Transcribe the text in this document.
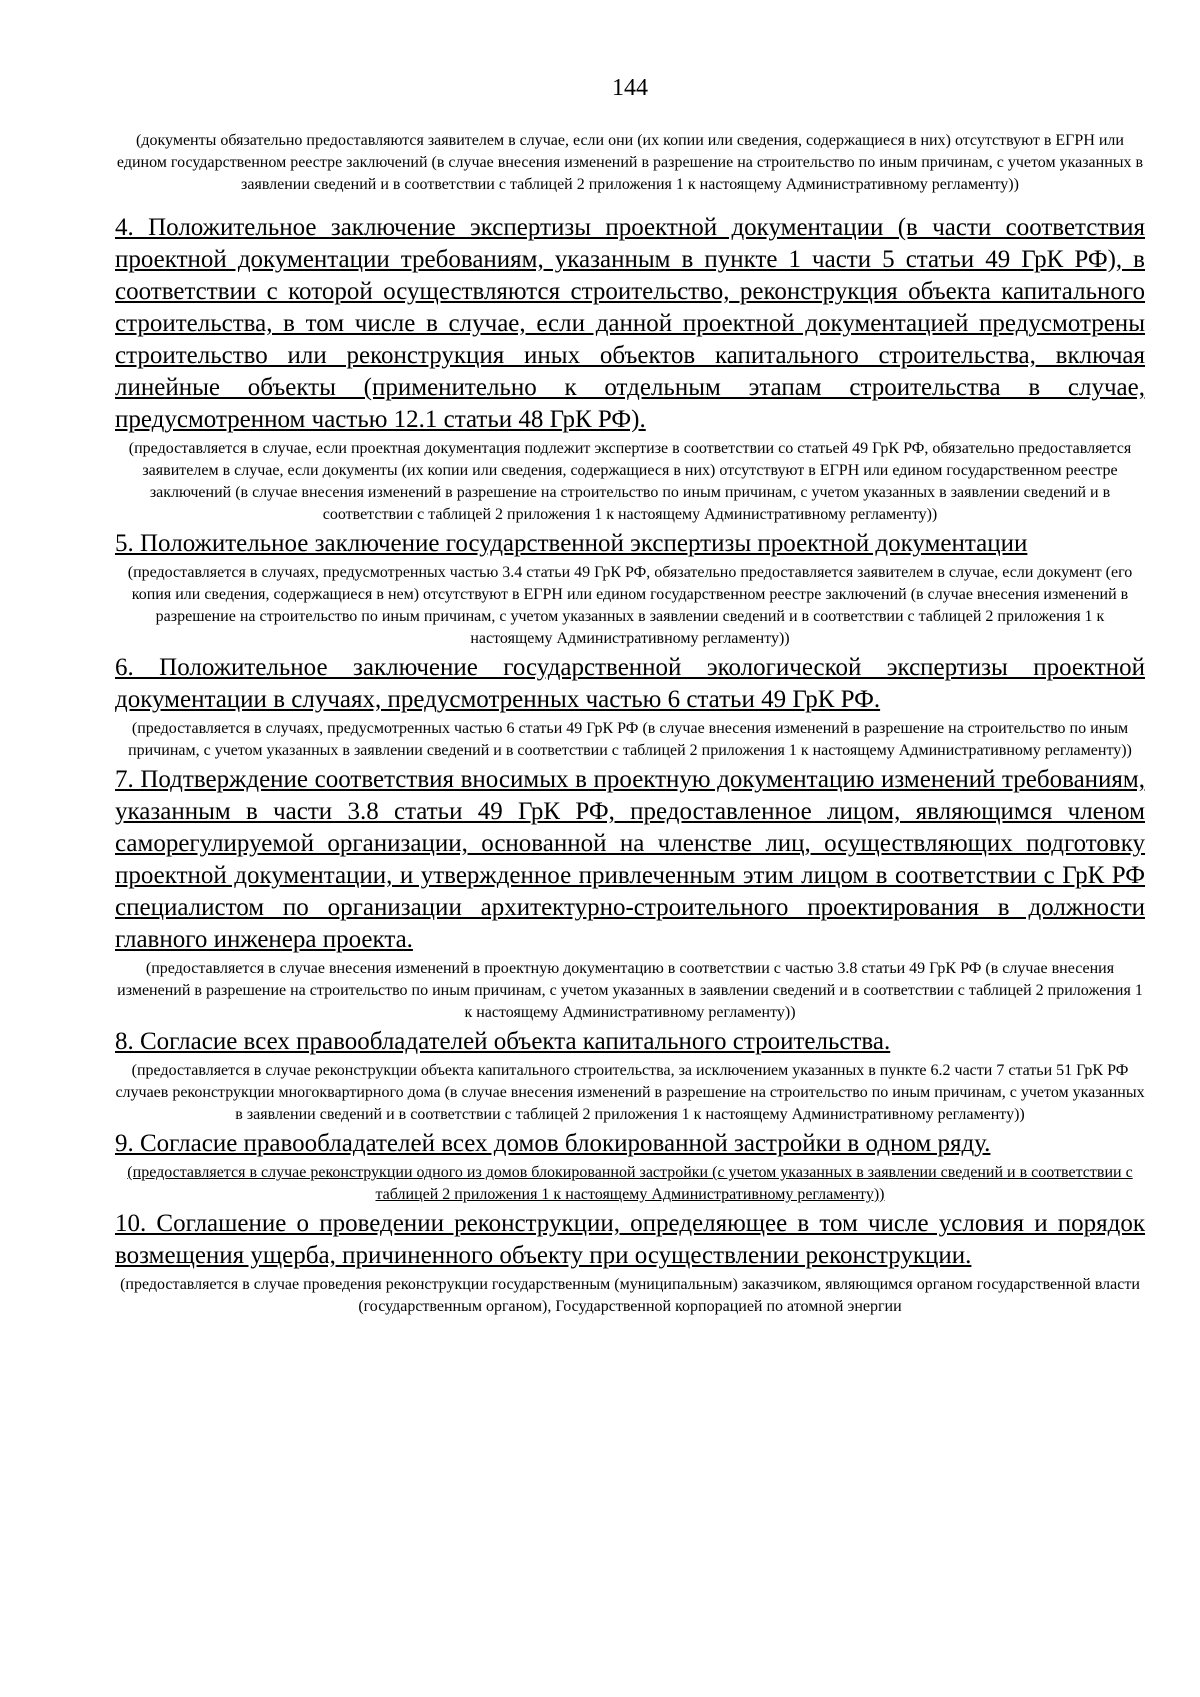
144

(документы обязательно предоставляются заявителем в случае, если они (их копии или сведения, содержащиеся в них) отсутствуют в ЕГРН или едином государственном реестре заключений (в случае внесения изменений в разрешение на строительство по иным причинам, с учетом указанных в заявлении сведений и в соответствии с таблицей 2 приложения 1 к настоящему Административному регламенту))

4. Положительное заключение экспертизы проектной документации (в части соответствия проектной документации требованиям, указанным в пункте 1 части 5 статьи 49 ГрК РФ), в соответствии с которой осуществляются строительство, реконструкция объекта капитального строительства, в том числе в случае, если данной проектной документацией предусмотрены строительство или реконструкция иных объектов капитального строительства, включая линейные объекты (применительно к отдельным этапам строительства в случае, предусмотренном частью 12.1 статьи 48 ГрК РФ).

(предоставляется в случае, если проектная документация подлежит экспертизе в соответствии со статьей 49 ГрК РФ, обязательно предоставляется заявителем в случае, если документы (их копии или сведения, содержащиеся в них) отсутствуют в ЕГРН или едином государственном реестре заключений (в случае внесения изменений в разрешение на строительство по иным причинам, с учетом указанных в заявлении сведений и в соответствии с таблицей 2 приложения 1 к настоящему Административному регламенту))

5. Положительное заключение государственной экспертизы проектной документации

(предоставляется в случаях, предусмотренных частью 3.4 статьи 49 ГрК РФ, обязательно предоставляется заявителем в случае, если документ (его копия или сведения, содержащиеся в нем) отсутствуют в ЕГРН или едином государственном реестре заключений (в случае внесения изменений в разрешение на строительство по иным причинам, с учетом указанных в заявлении сведений и в соответствии с таблицей 2 приложения 1 к настоящему Административному регламенту))

6. Положительное заключение государственной экологической экспертизы проектной документации в случаях, предусмотренных частью 6 статьи 49 ГрК РФ.

(предоставляется в случаях, предусмотренных частью 6 статьи 49 ГрК РФ (в случае внесения изменений в разрешение на строительство по иным причинам, с учетом указанных в заявлении сведений и в соответствии с таблицей 2 приложения 1 к настоящему Административному регламенту))

7. Подтверждение соответствия вносимых в проектную документацию изменений требованиям, указанным в части 3.8 статьи 49 ГрК РФ, предоставленное лицом, являющимся членом саморегулируемой организации, основанной на членстве лиц, осуществляющих подготовку проектной документации, и утвержденное привлеченным этим лицом в соответствии с ГрК РФ специалистом по организации архитектурно-строительного проектирования в должности главного инженера проекта.

(предоставляется в случае внесения изменений в проектную документацию в соответствии с частью 3.8 статьи 49 ГрК РФ (в случае внесения изменений в разрешение на строительство по иным причинам, с учетом указанных в заявлении сведений и в соответствии с таблицей 2 приложения 1 к настоящему Административному регламенту))

8. Согласие всех правообладателей объекта капитального строительства.

(предоставляется в случае реконструкции объекта капитального строительства, за исключением указанных в пункте 6.2 части 7 статьи 51 ГрК РФ случаев реконструкции многоквартирного дома (в случае внесения изменений в разрешение на строительство по иным причинам, с учетом указанных в заявлении сведений и в соответствии с таблицей 2 приложения 1 к настоящему Административному регламенту))

9. Согласие правообладателей всех домов блокированной застройки в одном ряду.

(предоставляется в случае реконструкции одного из домов блокированной застройки (с учетом указанных в заявлении сведений и в соответствии с таблицей 2 приложения 1 к настоящему Административному регламенту))

10. Соглашение о проведении реконструкции, определяющее в том числе условия и порядок возмещения ущерба, причиненного объекту при осуществлении реконструкции.

(предоставляется в случае проведения реконструкции государственным (муниципальным) заказчиком, являющимся органом государственной власти (государственным органом), Государственной корпорацией по атомной энергии
